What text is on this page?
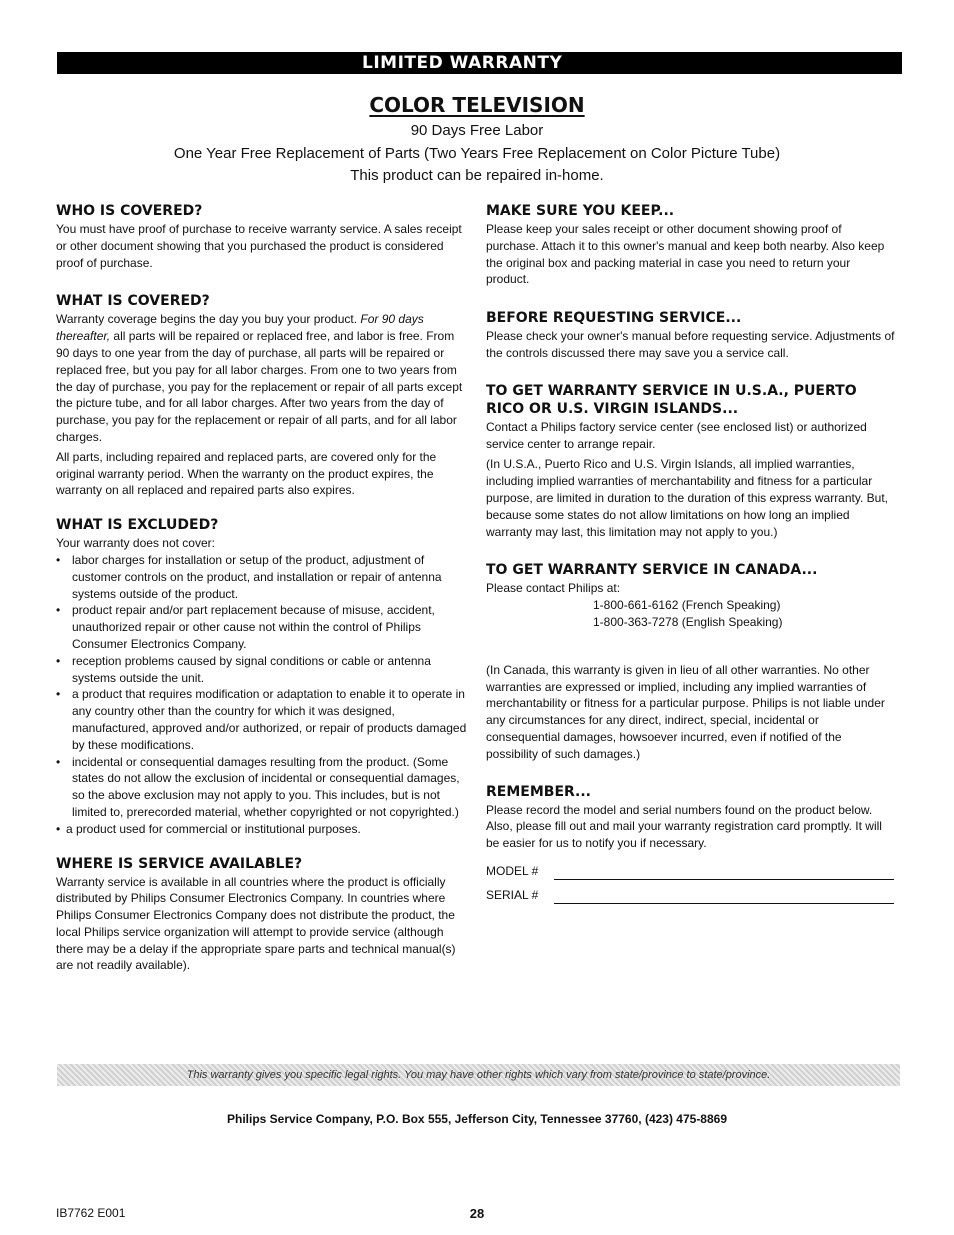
LIMITED WARRANTY
COLOR TELEVISION
90 Days Free Labor
One Year Free Replacement of Parts (Two Years Free Replacement on Color Picture Tube)
This product can be repaired in-home.
WHO IS COVERED?

You must have proof of purchase to receive warranty service. A sales receipt or other document showing that you purchased the product is considered proof of purchase.

WHAT IS COVERED?

Warranty coverage begins the day you buy your product. For 90 days thereafter, all parts will be repaired or replaced free, and labor is free. From 90 days to one year from the day of purchase, all parts will be repaired or replaced free, but you pay for all labor charges. From one to two years from the day of purchase, you pay for the replacement or repair of all parts except the picture tube, and for all labor charges. After two years from the day of purchase, you pay for the replacement or repair of all parts, and for all labor charges.

All parts, including repaired and replaced parts, are covered only for the original warranty period. When the warranty on the product expires, the warranty on all replaced and repaired parts also expires.

WHAT IS EXCLUDED?

Your warranty does not cover:

• labor charges for installation or setup of the product, adjustment of customer controls on the product, and installation or repair of antenna systems outside of the product.
• product repair and/or part replacement because of misuse, accident, unauthorized repair or other cause not within the control of Philips Consumer Electronics Company.
• reception problems caused by signal conditions or cable or antenna systems outside the unit.
• a product that requires modification or adaptation to enable it to operate in any country other than the country for which it was designed, manufactured, approved and/or authorized, or repair of products damaged by these modifications.
• incidental or consequential damages resulting from the product. (Some states do not allow the exclusion of incidental or consequential damages, so the above exclusion may not apply to you. This includes, but is not limited to, prerecorded material, whether copyrighted or not copyrighted.)
• a product used for commercial or institutional purposes.
WHERE IS SERVICE AVAILABLE?

Warranty service is available in all countries where the product is officially distributed by Philips Consumer Electronics Company. In countries where Philips Consumer Electronics Company does not distribute the product, the local Philips service organization will attempt to provide service (although there may be a delay if the appropriate spare parts and technical manual(s) are not readily available).

MAKE SURE YOU KEEP...

Please keep your sales receipt or other document showing proof of purchase. Attach it to this owner's manual and keep both nearby. Also keep the original box and packing material in case you need to return your product.

BEFORE REQUESTING SERVICE...

Please check your owner's manual before requesting service. Adjustments of the controls discussed there may save you a service call.

TO GET WARRANTY SERVICE IN U.S.A., PUERTO RICO OR U.S. VIRGIN ISLANDS...

Contact a Philips factory service center (see enclosed list) or authorized service center to arrange repair.

(In U.S.A., Puerto Rico and U.S. Virgin Islands, all implied warranties, including implied warranties of merchantability and fitness for a particular purpose, are limited in duration to the duration of this express warranty. But, because some states do not allow limitations on how long an implied warranty may last, this limitation may not apply to you.)

TO GET WARRANTY SERVICE IN CANADA...

Please contact Philips at:

1-800-661-6162 (French Speaking)

1-800-363-7278 (English Speaking)

(In Canada, this warranty is given in lieu of all other warranties. No other warranties are expressed or implied, including any implied warranties of merchantability or fitness for a particular purpose. Philips is not liable under any circumstances for any direct, indirect, special, incidental or consequential damages, howsoever incurred, even if notified of the possibility of such damages.)

REMEMBER...

Please record the model and serial numbers found on the product below. Also, please fill out and mail your warranty registration card promptly. It will be easier for us to notify you if necessary.

MODEL #
SERIAL #
This warranty gives you specific legal rights. You may have other rights which vary from state/province to state/province.
Philips Service Company, P.O. Box 555, Jefferson City, Tennessee 37760, (423) 475-8869
IB7762 E001	28
